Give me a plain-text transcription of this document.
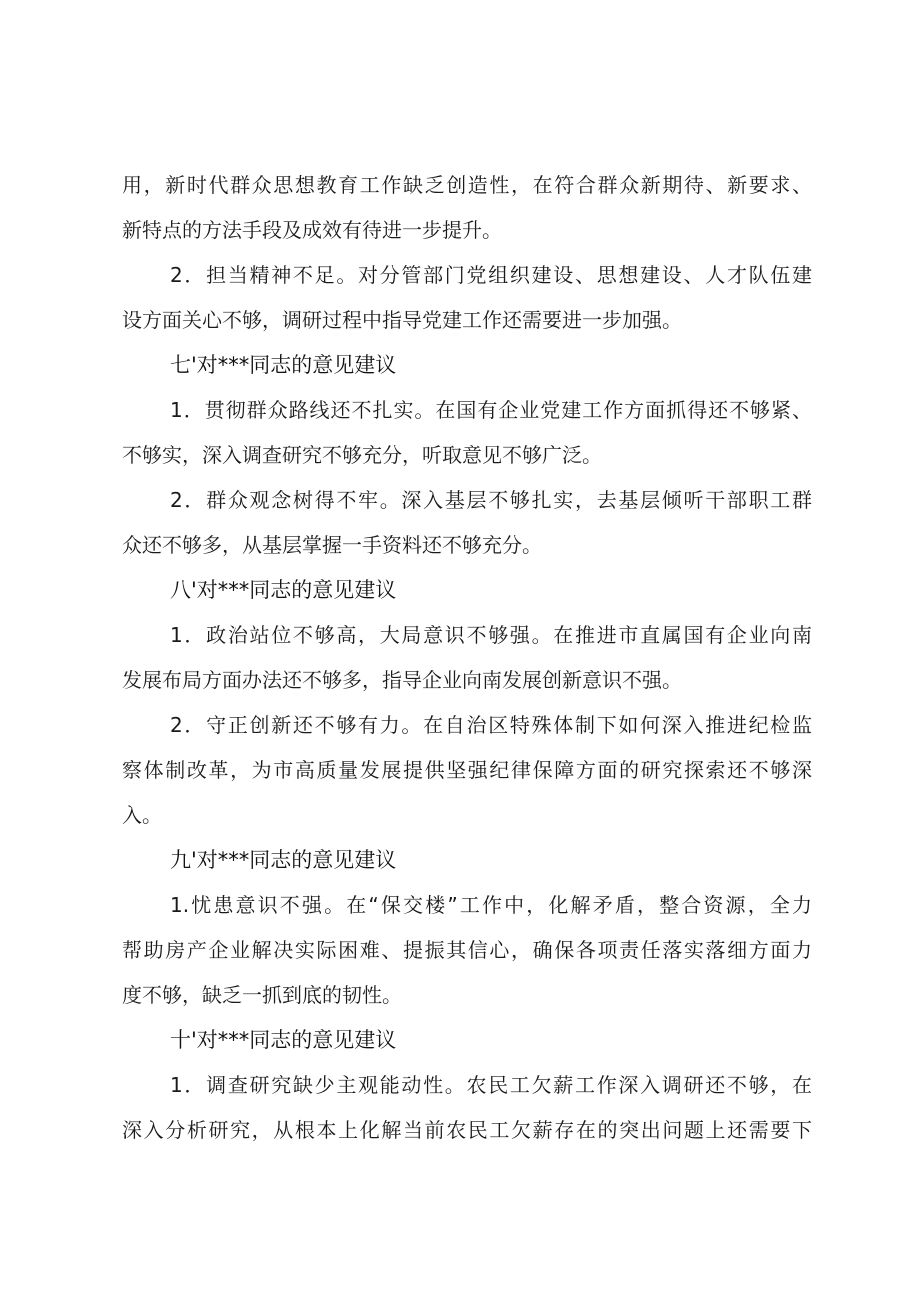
用，新时代群众思想教育工作缺乏创造性，在符合群众新期待、新要求、
新特点的方法手段及成效有待进一步提升。
2．担当精神不足。对分管部门党组织建设、思想建设、人才队伍建
设方面关心不够，调研过程中指导党建工作还需要进一步加强。
七'对***同志的意见建议
1．贯彻群众路线还不扎实。在国有企业党建工作方面抓得还不够紧、
不够实，深入调查研究不够充分，听取意见不够广泛。
2．群众观念树得不牢。深入基层不够扎实，去基层倾听干部职工群
众还不够多，从基层掌握一手资料还不够充分。
八'对***同志的意见建议
1．政治站位不够高，大局意识不够强。在推进市直属国有企业向南
发展布局方面办法还不够多，指导企业向南发展创新意识不强。
2．守正创新还不够有力。在自治区特殊体制下如何深入推进纪检监
察体制改革，为市高质量发展提供坚强纪律保障方面的研究探索还不够深
入。
九'对***同志的意见建议
1.忧患意识不强。在“保交楼”工作中，化解矛盾，整合资源，全力
帮助房产企业解决实际困难、提振其信心，确保各项责任落实落细方面力
度不够，缺乏一抓到底的韧性。
十'对***同志的意见建议
1．调查研究缺少主观能动性。农民工欠薪工作深入调研还不够，在
深入分析研究，从根本上化解当前农民工欠薪存在的突出问题上还需要下
